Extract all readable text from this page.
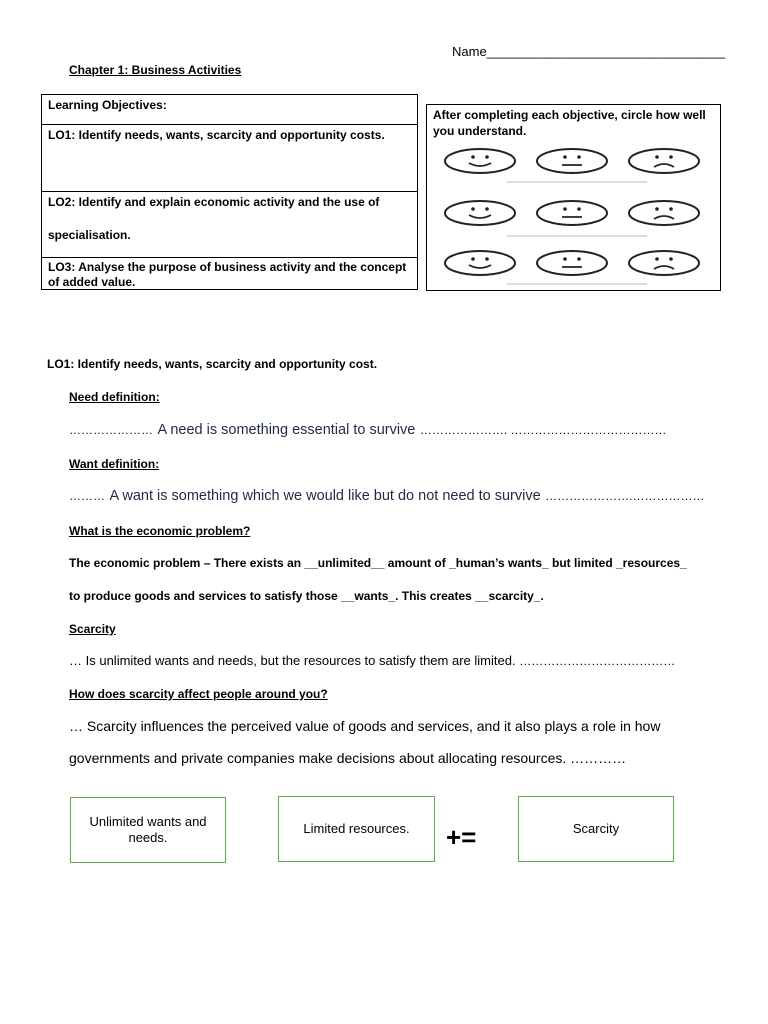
Name_________________________________
Chapter 1: Business Activities
Learning Objectives:
LO1: Identify needs, wants, scarcity and opportunity costs.
LO2: Identify and explain economic activity and the use of
specialisation.
LO3: Analyse the purpose of business activity and the concept of added value.
After completing each objective, circle how well you understand.
LO1: Identify needs, wants, scarcity and opportunity cost.
Need definition:
………………… A need is something essential to survive …………………. …………………………………
Want definition:
……… A want is something which we would like but do not need to survive ………………….………………
What is the economic problem?
The economic problem – There exists an __unlimited__ amount of _human’s wants_ but limited _resources_
to produce goods and services to satisfy those __wants_. This creates __scarcity_.
Scarcity
… Is unlimited wants and needs, but the resources to satisfy them are limited. …………………………………
How does scarcity affect people around you?
… Scarcity influences the perceived value of goods and services, and it also plays a role in how
governments and private companies make decisions about allocating resources. …………
Unlimited wants and needs.
Limited resources. +=	Scarcity
